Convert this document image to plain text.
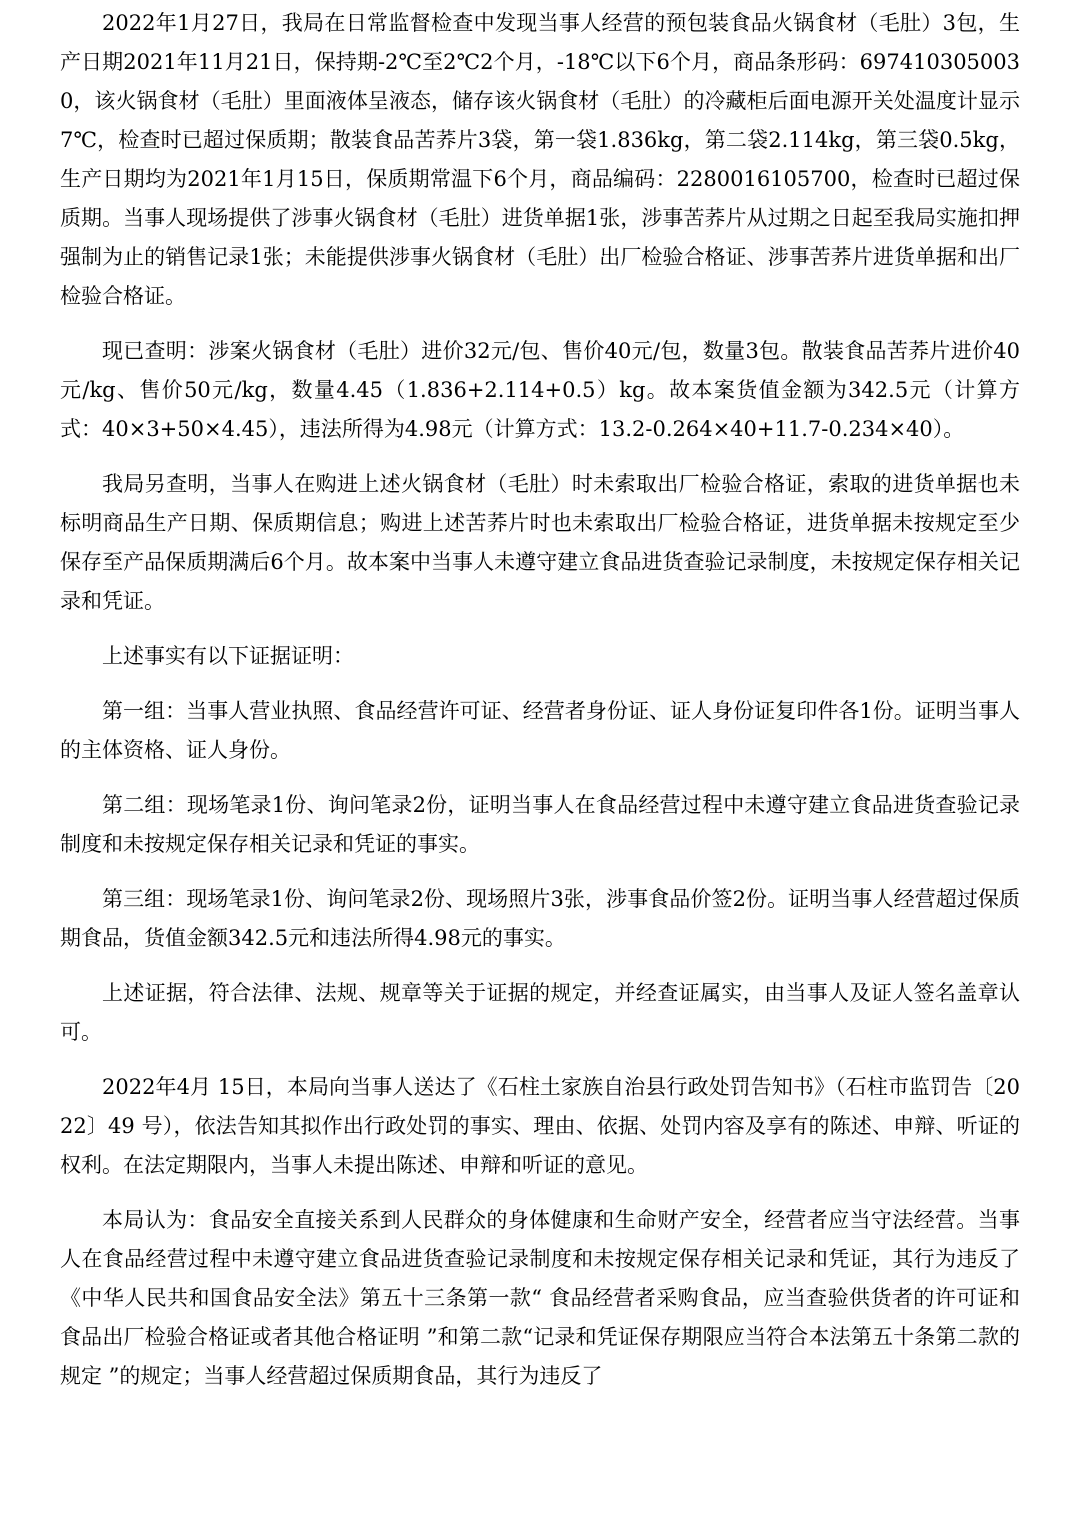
2022年1月27日，我局在日常监督检查中发现当事人经营的预包装食品火锅食材（毛肚）3包，生产日期2021年11月21日，保持期-2℃至2℃2个月，-18℃以下6个月，商品条形码：6974103050030，该火锅食材（毛肚）里面液体呈液态，储存该火锅食材（毛肚）的冷藏柜后面电源开关处温度计显示7℃，检查时已超过保质期；散装食品苦荞片3袋，第一袋1.836kg，第二袋2.114kg，第三袋0.5kg，生产日期均为2021年1月15日，保质期常温下6个月，商品编码：2280016105700，检查时已超过保质期。当事人现场提供了涉事火锅食材（毛肚）进货单据1张，涉事苦荞片从过期之日起至我局实施扣押强制为止的销售记录1张；未能提供涉事火锅食材（毛肚）出厂检验合格证、涉事苦荞片进货单据和出厂检验合格证。

现已查明：涉案火锅食材（毛肚）进价32元/包、售价40元/包，数量3包。散装食品苦荞片进价40元/kg、售价50元/kg，数量4.45（1.836+2.114+0.5）kg。故本案货值金额为342.5元（计算方式：40×3+50×4.45），违法所得为4.98元（计算方式：13.2-0.264×40+11.7-0.234×40）。

我局另查明，当事人在购进上述火锅食材（毛肚）时未索取出厂检验合格证，索取的进货单据也未标明商品生产日期、保质期信息；购进上述苦荞片时也未索取出厂检验合格证，进货单据未按规定至少保存至产品保质期满后6个月。故本案中当事人未遵守建立食品进货查验记录制度，未按规定保存相关记录和凭证。

上述事实有以下证据证明：

第一组：当事人营业执照、食品经营许可证、经营者身份证、证人身份证复印件各1份。证明当事人的主体资格、证人身份。

第二组：现场笔录1份、询问笔录2份，证明当事人在食品经营过程中未遵守建立食品进货查验记录制度和未按规定保存相关记录和凭证的事实。

第三组：现场笔录1份、询问笔录2份、现场照片3张，涉事食品价签2份。证明当事人经营超过保质期食品，货值金额342.5元和违法所得4.98元的事实。

上述证据，符合法律、法规、规章等关于证据的规定，并经查证属实，由当事人及证人签名盖章认可。

2022年4月 15日，本局向当事人送达了《石柱土家族自治县行政处罚告知书》（石柱市监罚告〔2022〕49 号），依法告知其拟作出行政处罚的事实、理由、依据、处罚内容及享有的陈述、申辩、听证的权利。在法定期限内，当事人未提出陈述、申辩和听证的意见。

本局认为：食品安全直接关系到人民群众的身体健康和生命财产安全，经营者应当守法经营。当事人在食品经营过程中未遵守建立食品进货查验记录制度和未按规定保存相关记录和凭证，其行为违反了《中华人民共和国食品安全法》第五十三条第一款“ 食品经营者采购食品，应当查验供货者的许可证和食品出厂检验合格证或者其他合格证明 ”和第二款“记录和凭证保存期限应当符合本法第五十条第二款的规定 ”的规定；当事人经营超过保质期食品，其行为违反了
